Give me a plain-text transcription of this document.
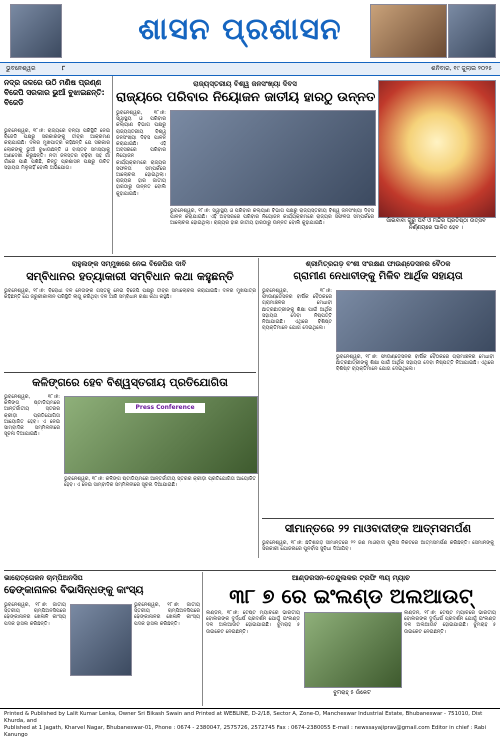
ଶାସନ ପ୍ରଶାସନ
ଭୁବନେଶ୍ୱର	୮	ଶନିବାର, ୧୯ ଜୁଲାଇ ୨୦୨୫
ନଦ୍ର ଜଳରେ ଉଠି ମଣିଷ ପ୍ରଣ୍ଣ ବିଜେପି ସରକାର ଭୁଆଁ ବୁଝାଇଛନ୍ତି: ବିଜେଡି
ଭୁବନେଶ୍ୱର, ୧୮।୭: ରାଜ୍ୟରେ ବନ୍ୟା ପରିସ୍ଥିତି ନେଇ ବିଜେଡି ପକ୍ଷରୁ ସରକାରଙ୍କୁ ତୀବ୍ର ଆକ୍ରମଣ କରାଯାଇଛି। ଦଳର ମୁଖପାତ୍ର କହିଛନ୍ତି ଯେ ସରକାର ଲୋକଙ୍କୁ ଭୁଆଁ ବୁଝାଉଛନ୍ତି ଓ ବାସ୍ତବ ସମସ୍ୟାକୁ ଅଣଦେଖା କରୁଛନ୍ତି। ନଦୀ ଜଳସ୍ତର ବଢ଼ିବା ସହ ଗାଁ ଗାଁରେ ପାଣି ପଶିଛି, କିନ୍ତୁ ପ୍ରଶାସନ ପକ୍ଷରୁ ଉଚିତ ସହାୟତା ମିଳୁନାହିଁ ବୋଲି ଅଭିଯୋଗ।
ରାଜ୍ୟସ୍ତରୀୟ ବିଶ୍ୱ ଜନସଂଖ୍ୟା ଦିବସ
ରାଜ୍ୟରେ ପରିବାର ନିୟୋଜନ ଜାତୀୟ ହାରଠୁ ଉନ୍ନତ
ଭୁବନେଶ୍ୱର, ୧୮।୭: ସ୍ୱାସ୍ଥ୍ୟ ଓ ପରିବାର କଲ୍ୟାଣ ବିଭାଗ ପକ୍ଷରୁ ରାଜ୍ୟସ୍ତରୀୟ ବିଶ୍ୱ ଜନସଂଖ୍ୟା ଦିବସ ପାଳନ କରାଯାଇଛି। ଏହି ଅବସରରେ ପରିବାର ନିୟୋଜନ କାର୍ଯ୍ୟକ୍ରମରେ ରାଜ୍ୟର ସଫଳତା ସମ୍ପର୍କରେ ଆଲୋଚନା ହୋଇଥିଲା। ରାଜ୍ୟର ହାର ଜାତୀୟ ହାରଠାରୁ ଉନ୍ନତ ବୋଲି କୁହାଯାଇଛି।
ଭୁବନେଶ୍ୱର, ୧୮।୭: ସ୍ୱାସ୍ଥ୍ୟ ଓ ପରିବାର କଲ୍ୟାଣ ବିଭାଗ ପକ୍ଷରୁ ରାଜ୍ୟସ୍ତରୀୟ ବିଶ୍ୱ ଜନସଂଖ୍ୟା ଦିବସ ପାଳନ କରାଯାଇଛି। ଏହି ଅବସରରେ ପରିବାର ନିୟୋଜନ କାର୍ଯ୍ୟକ୍ରମରେ ରାଜ୍ୟର ସଫଳତା ସମ୍ପର୍କରେ ଆଲୋଚନା ହୋଇଥିଲା। ରାଜ୍ୟର ହାର ଜାତୀୟ ହାରଠାରୁ ଉନ୍ନତ ବୋଲି କୁହାଯାଇଛି।	ସାଁଇବାବା ଗୁରୁ ପର୍ବ ଓ ମନ୍ଦିର ପ୍ରତିଷ୍ଠା ଉତ୍ସବ ନିର୍ଣ୍ଣୟରେ ପାଳିତ ହେବ ।
ରାହୁଲଙ୍କ ସମ୍ମୁଖରେ ନେଇ ବିଜେପିର ଦାବି
ସମ୍ବିଧାନର ହତ୍ୟାକାରୀ ସମ୍ବିଧାନ କଥା କହୁଛନ୍ତି
ଭୁବନେଶ୍ୱର, ୧୮।୭: ବିରୋଧୀ ଦଳ ନେତାଙ୍କ ଗସ୍ତକୁ ନେଇ ବିଜେପି ପକ୍ଷରୁ ତୀବ୍ର ସମାଲୋଚନା କରାଯାଇଛି। ଦଳର ମୁଖପାତ୍ର କହିଛନ୍ତି ଯେ ଜରୁରୀକାଳୀନ ପରିସ୍ଥିତି ଲାଗୁ କରିଥିବା ଦଳ ଆଜି ସମ୍ବିଧାନ ରକ୍ଷା କଥା କହୁଛି।
ଶ୍ରୀମିତ୍ରଗଡ଼ ବଂଶୀ ସଂରକ୍ଷଣ ଫାଉଣ୍ଡେସନର ବୈଠକ
ଗ୍ରାମୀଣ ନେଧାବୀଙ୍କୁ ମିଳିବ ଆର୍ଥିକ ସହାୟତା
ଭୁବନେଶ୍ୱର, ୧୮।୭: ଫାଉଣ୍ଡେସନର ବାର୍ଷିକ ବୈଠକରେ ଗ୍ରାମାଞ୍ଚଳର ମେଧାବୀ ଛାତ୍ରଛାତ୍ରୀଙ୍କୁ ଶିକ୍ଷା ପାଇଁ ଆର୍ଥିକ ସହାୟତା ଦେବା ନିଷ୍ପତ୍ତି ନିଆଯାଇଛି। ଏଥିରେ ବିଶିଷ୍ଟ ବ୍ୟକ୍ତିମାନେ ଯୋଗ ଦେଇଥିଲେ।
ଭୁବନେଶ୍ୱର, ୧୮।୭: ଫାଉଣ୍ଡେସନର ବାର୍ଷିକ ବୈଠକରେ ଗ୍ରାମାଞ୍ଚଳର ମେଧାବୀ ଛାତ୍ରଛାତ୍ରୀଙ୍କୁ ଶିକ୍ଷା ପାଇଁ ଆର୍ଥିକ ସହାୟତା ଦେବା ନିଷ୍ପତ୍ତି ନିଆଯାଇଛି। ଏଥିରେ ବିଶିଷ୍ଟ ବ୍ୟକ୍ତିମାନେ ଯୋଗ ଦେଇଥିଲେ।
କଳିଙ୍ଗରେ ହେବ ବିଶ୍ୱସ୍ତରୀୟ ପ୍ରତିଯୋଗିତା
ଭୁବନେଶ୍ୱର, ୧୮।୭: କଳିଙ୍ଗ ଷ୍ଟାଡିୟମରେ ଆନ୍ତର୍ଜାତୀୟ ସ୍ତରର କ୍ରୀଡ଼ା ପ୍ରତିଯୋଗିତା ଆୟୋଜିତ ହେବ। ଏ ନେଇ ସାମ୍ବାଦିକ ସମ୍ମିଳନୀରେ ସୂଚନା ଦିଆଯାଇଛି।
Press Conference
ଭୁବନେଶ୍ୱର, ୧୮।୭: କଳିଙ୍ଗ ଷ୍ଟାଡିୟମରେ ଆନ୍ତର୍ଜାତୀୟ ସ୍ତରର କ୍ରୀଡ଼ା ପ୍ରତିଯୋଗିତା ଆୟୋଜିତ ହେବ। ଏ ନେଇ ସାମ୍ବାଦିକ ସମ୍ମିଳନୀରେ ସୂଚନା ଦିଆଯାଇଛି।
ସୀମାନ୍ତରେ ୨୨ ମାଓବାଦୀଙ୍କ ଆତ୍ମସମର୍ପଣ
ଭୁବନେଶ୍ୱର, ୧୮।୭: ଛତିଶଗଡ଼ ସୀମାନ୍ତରେ ୨୨ ଜଣ ମାଓବାଦୀ ପୁଲିସ ନିକଟରେ ଆତ୍ମସମର୍ପଣ କରିଛନ୍ତି। ସେମାନଙ୍କୁ ସରକାରୀ ଯୋଜନାରେ ପୁନର୍ବାସ ସୁବିଧା ଦିଆଯିବ।
ଭାରୋତ୍ତୋଳନ ଚାମ୍ପିଅନସିପ
ଢେଙ୍କାନାଳର ବିଭାସିନ୍ଧଙ୍କୁ କାଂସ୍ୟ
ଭୁବନେଶ୍ୱର, ୧୮।୭: ଜାତୀୟ ସ୍ତରୀୟ ଚାମ୍ପିଅନସିପରେ ଢେଙ୍କାନାଳର ଖେଳାଳି କାଂସ୍ୟ ପଦକ ହାସଲ କରିଛନ୍ତି।
ଭୁବନେଶ୍ୱର, ୧୮।୭: ଜାତୀୟ ସ୍ତରୀୟ ଚାମ୍ପିଅନସିପରେ ଢେଙ୍କାନାଳର ଖେଳାଳି କାଂସ୍ୟ ପଦକ ହାସଲ କରିଛନ୍ତି।
ଆଣ୍ଡରସନ-ତେନ୍ଦୁଲକର ଟ୍ରଫି ୩ୟ ମ୍ୟାଚ
୩୮ ୭ ରେ ଇଂଲଣ୍ଡ ଅଲଆଉଟ୍
ଲଣ୍ଡନ, ୧୮।୭: ଟେଷ୍ଟ ମ୍ୟାଚରେ ଭାରତୀୟ ବୋଲରଙ୍କ ଦୁର୍ଦ୍ଧର୍ଷ ପ୍ରଦର୍ଶନ ଯୋଗୁଁ ଇଂଲଣ୍ଡ ଦଳ ଅଲଆଉଟ ହୋଇଯାଇଛି। ବୁମରାହ ୫ ଉଇକେଟ ନେଇଛନ୍ତି।
ବୁମରାହ୍ ୫ ଉିକେଟ
ଲଣ୍ଡନ, ୧୮।୭: ଟେଷ୍ଟ ମ୍ୟାଚରେ ଭାରତୀୟ ବୋଲରଙ୍କ ଦୁର୍ଦ୍ଧର୍ଷ ପ୍ରଦର୍ଶନ ଯୋଗୁଁ ଇଂଲଣ୍ଡ ଦଳ ଅଲଆଉଟ ହୋଇଯାଇଛି। ବୁମରାହ ୫ ଉଇକେଟ ନେଇଛନ୍ତି।
Printed & Published by Lalit Kumar Lenka, Owner Sri Bikash Swain and Printed at WEBLINE, D-2/18, Sector A, Zone-D, Mancheswar Industrial Estate, Bhubaneswar - 751010, Dist Khurda, and
Published at 1 Jagath, Kharvel Nagar, Bhubaneswar-01, Phone : 0674 - 2380047, 2575726, 2572745 Fax : 0674-2380055 E-mail : newssayajiprav@gmail.com Editor in chief : Rabi Kanungo
